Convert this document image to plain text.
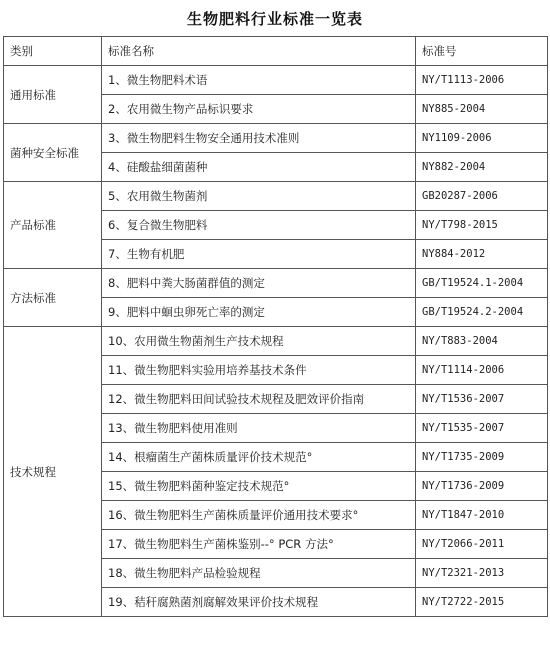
生物肥料行业标准一览表
类别	标准名称	标准号
通用标准	1、微生物肥料术语	NY/T1113-2006
	2、农用微生物产品标识要求	NY885-2004
菌种安全标准	3、微生物肥料生物安全通用技术准则	NY1109-2006
	4、硅酸盐细菌菌种	NY882-2004
产品标准	5、农用微生物菌剂	GB20287-2006
	6、复合微生物肥料	NY/T798-2015
	7、生物有机肥	NY884-2012
方法标准	8、肥料中粪大肠菌群值的测定	GB/T19524.1-2004
	9、肥料中蛔虫卵死亡率的测定	GB/T19524.2-2004
技术规程	10、农用微生物菌剂生产技术规程	NY/T883-2004
	11、微生物肥料实验用培养基技术条件	NY/T1114-2006
	12、微生物肥料田间试验技术规程及肥效评价指南	NY/T1536-2007
	13、微生物肥料使用准则	NY/T1535-2007
	14、根瘤菌生产菌株质量评价技术规范°	NY/T1735-2009
	15、微生物肥料菌种鉴定技术规范°	NY/T1736-2009
	16、微生物肥料生产菌株质量评价通用技术要求°	NY/T1847-2010
	17、微生物肥料生产菌株鉴别--° PCR 方法°	NY/T2066-2011
	18、微生物肥料产品检验规程	NY/T2321-2013
	19、秸秆腐熟菌剂腐解效果评价技术规程	NY/T2722-2015
